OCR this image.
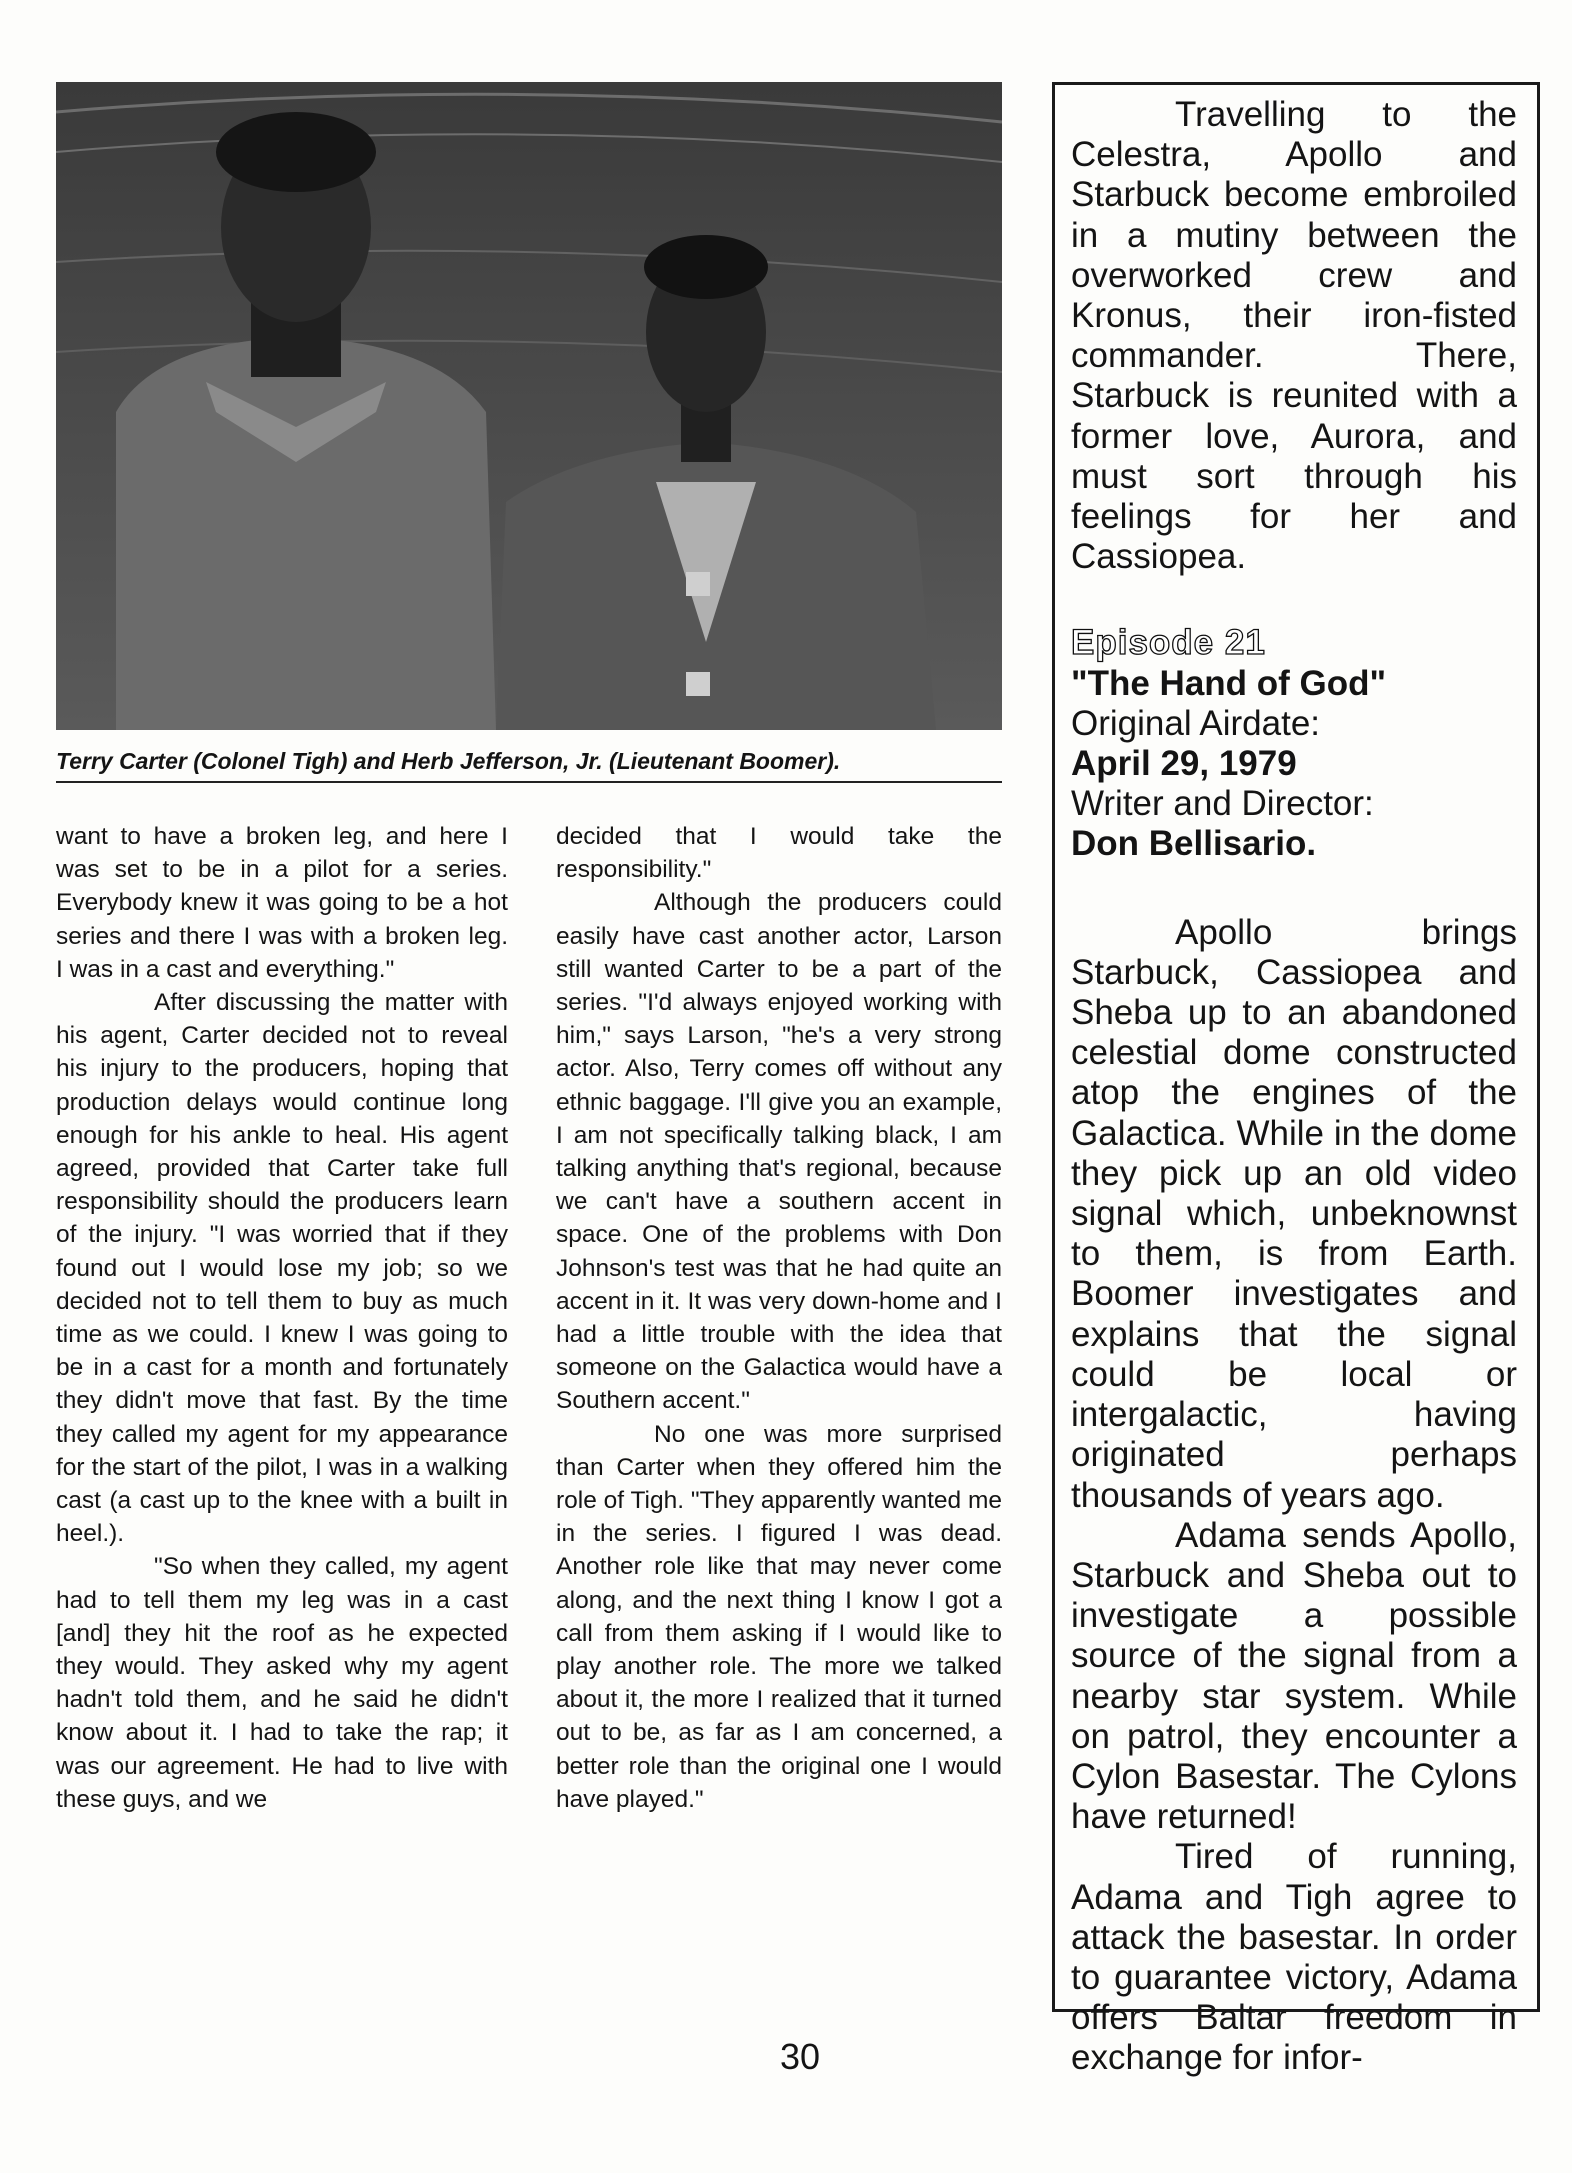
Terry Carter (Colonel Tigh) and Herb Jefferson, Jr. (Lieutenant Boomer).

want to have a broken leg, and here I was set to be in a pilot for a series. Everybody knew it was going to be a hot series and there I was with a broken leg. I was in a cast and everything."

After discussing the matter with his agent, Carter decided not to reveal his injury to the producers, hoping that production delays would continue long enough for his ankle to heal. His agent agreed, provided that Carter take full responsibility should the producers learn of the injury. "I was worried that if they found out I would lose my job; so we decided not to tell them to buy as much time as we could. I knew I was going to be in a cast for a month and fortunately they didn't move that fast. By the time they called my agent for my appearance for the start of the pilot, I was in a walking cast (a cast up to the knee with a built in heel.).

"So when they called, my agent had to tell them my leg was in a cast [and] they hit the roof as he expected they would. They asked why my agent hadn't told them, and he said he didn't know about it. I had to take the rap; it was our agreement. He had to live with these guys, and we

decided that I would take the responsibility."

Although the producers could easily have cast another actor, Larson still wanted Carter to be a part of the series. "I'd always enjoyed working with him," says Larson, "he's a very strong actor. Also, Terry comes off without any ethnic baggage. I'll give you an example, I am not specifically talking black, I am talking anything that's regional, because we can't have a southern accent in space. One of the problems with Don Johnson's test was that he had quite an accent in it. It was very down-home and I had a little trouble with the idea that someone on the Galactica would have a Southern accent."

No one was more surprised than Carter when they offered him the role of Tigh. "They apparently wanted me in the series. I figured I was dead. Another role like that may never come along, and the next thing I know I got a call from them asking if I would like to play another role. The more we talked about it, the more I realized that it turned out to be, as far as I am concerned, a better role than the original one I would have played."

Travelling to the Celestra, Apollo and Starbuck become embroiled in a mutiny between the overworked crew and Kronus, their iron-fisted commander. There, Starbuck is reunited with a former love, Aurora, and must sort through his feelings for her and Cassiopea.

Episode 21

"The Hand of God"

Original Airdate:

April 29, 1979

Writer and Director:

Don Bellisario.

Apollo brings Starbuck, Cassiopea and Sheba up to an abandoned celestial dome constructed atop the engines of the Galactica. While in the dome they pick up an old video signal which, unbeknownst to them, is from Earth. Boomer investigates and explains that the signal could be local or intergalactic, having originated perhaps thousands of years ago.

Adama sends Apollo, Starbuck and Sheba out to investigate a possible source of the signal from a nearby star system. While on patrol, they encounter a Cylon Basestar. The Cylons have returned!

Tired of running, Adama and Tigh agree to attack the basestar. In order to guarantee victory, Adama offers Baltar freedom in exchange for infor-

30
